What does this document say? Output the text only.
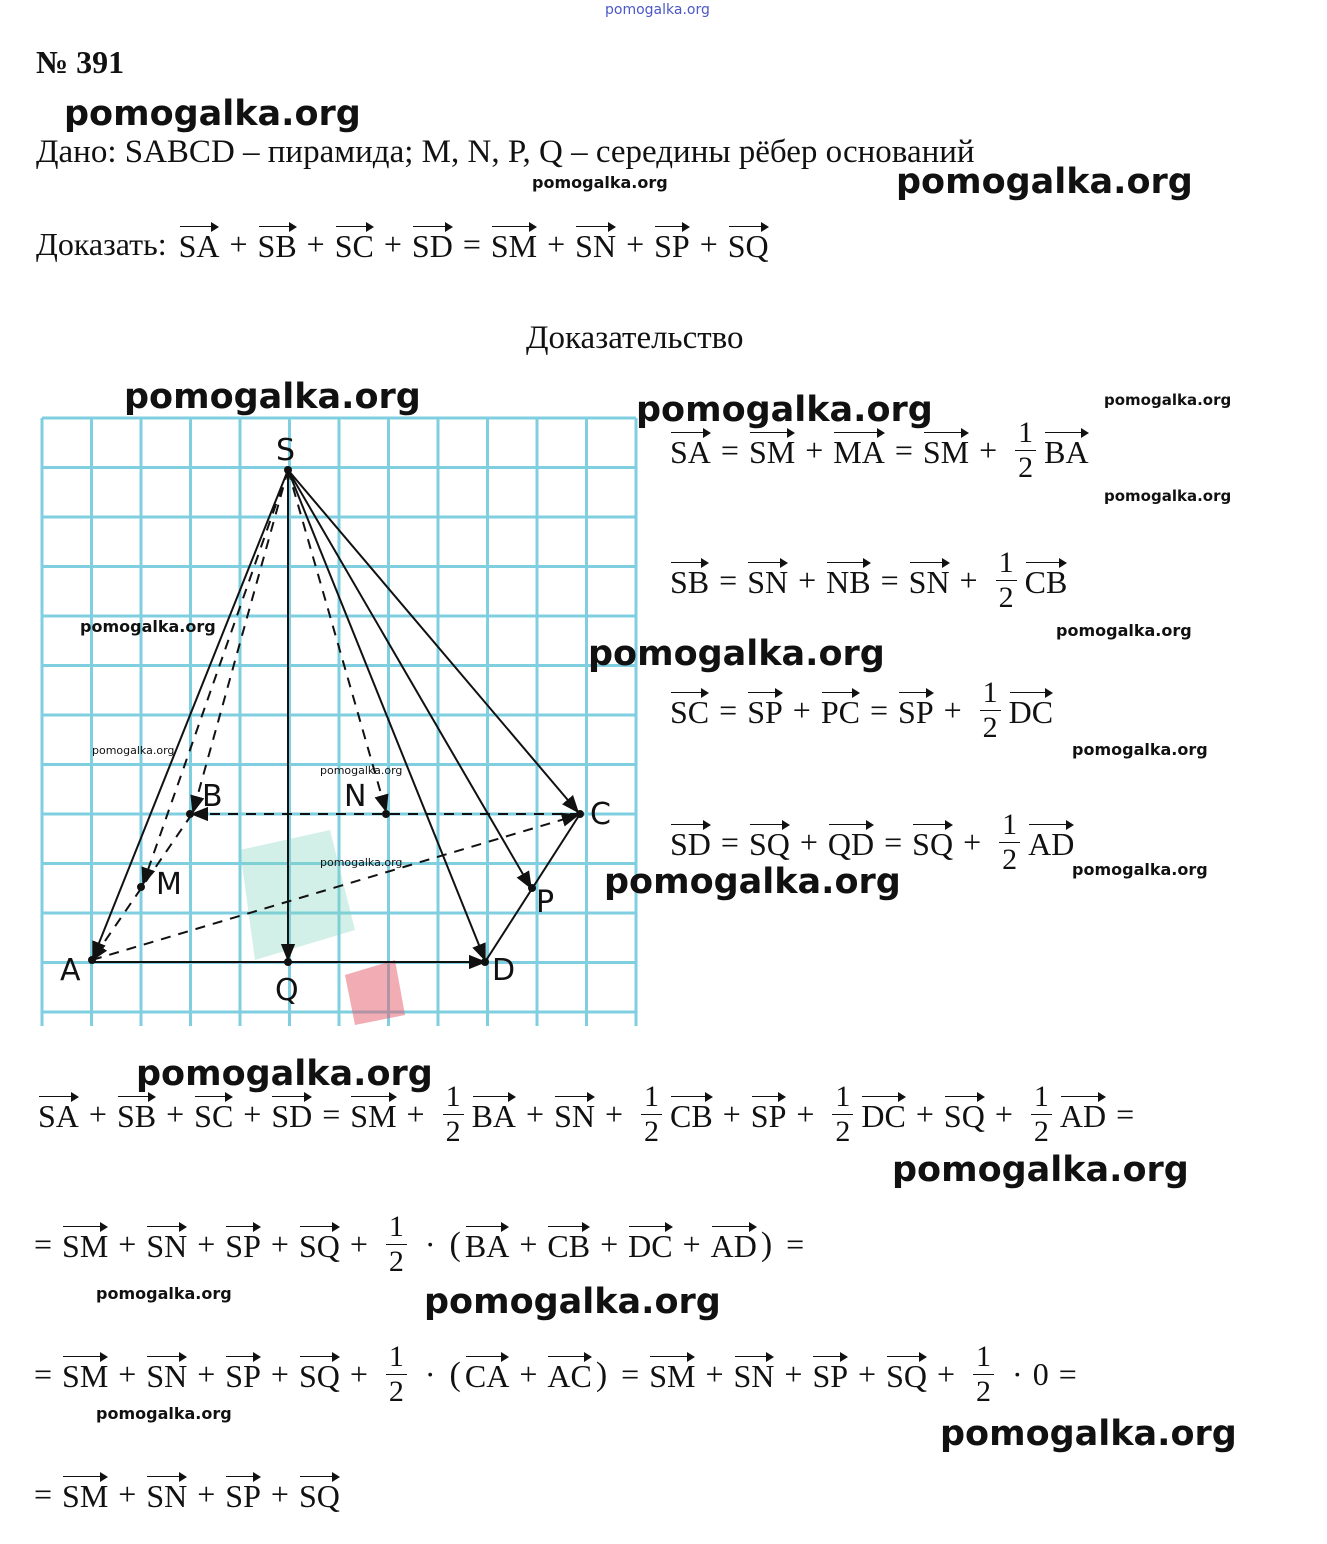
pomogalka.org
№ 391
pomogalka.org
Дано: SABCD – пирамида; M, N, P, Q – середины рёбер оснований
pomogalka.org	pomogalka.org
Доказать: SA + SB + SC + SD = SM + SN + SP + SQ
Доказательство
S
A
B
C
D
M
N
P
Q
pomogalka.org
pomogalka.org
pomogalka.org
pomogalka.org
pomogalka.org
pomogalka.org	pomogalka.org
SA = SM + MA = SM + $\frac{1}{2}$ BA
pomogalka.org
SB = SN + NB = SN + $\frac{1}{2}$ CB
pomogalka.org
pomogalka.org
SC = SP + PC = SP + $\frac{1}{2}$ DC
pomogalka.org
SD = SQ + QD = SQ + $\frac{1}{2}$ AD
pomogalka.org
pomogalka.org
pomogalka.org
SA + SB + SC + SD = SM + $\frac{1}{2}$ BA + SN + $\frac{1}{2}$ CB + SP + $\frac{1}{2}$ DC + SQ + $\frac{1}{2}$ AD =
pomogalka.org
= SM + SN + SP + SQ + $\frac{1}{2}$ · ( BA + CB + DC + AD ) =
pomogalka.org	pomogalka.org
= SM + SN + SP + SQ + $\frac{1}{2}$ · ( CA + AC ) = SM + SN + SP + SQ + $\frac{1}{2} \cdot 0$ =
pomogalka.org
pomogalka.org
= SM + SN + SP + SQ
